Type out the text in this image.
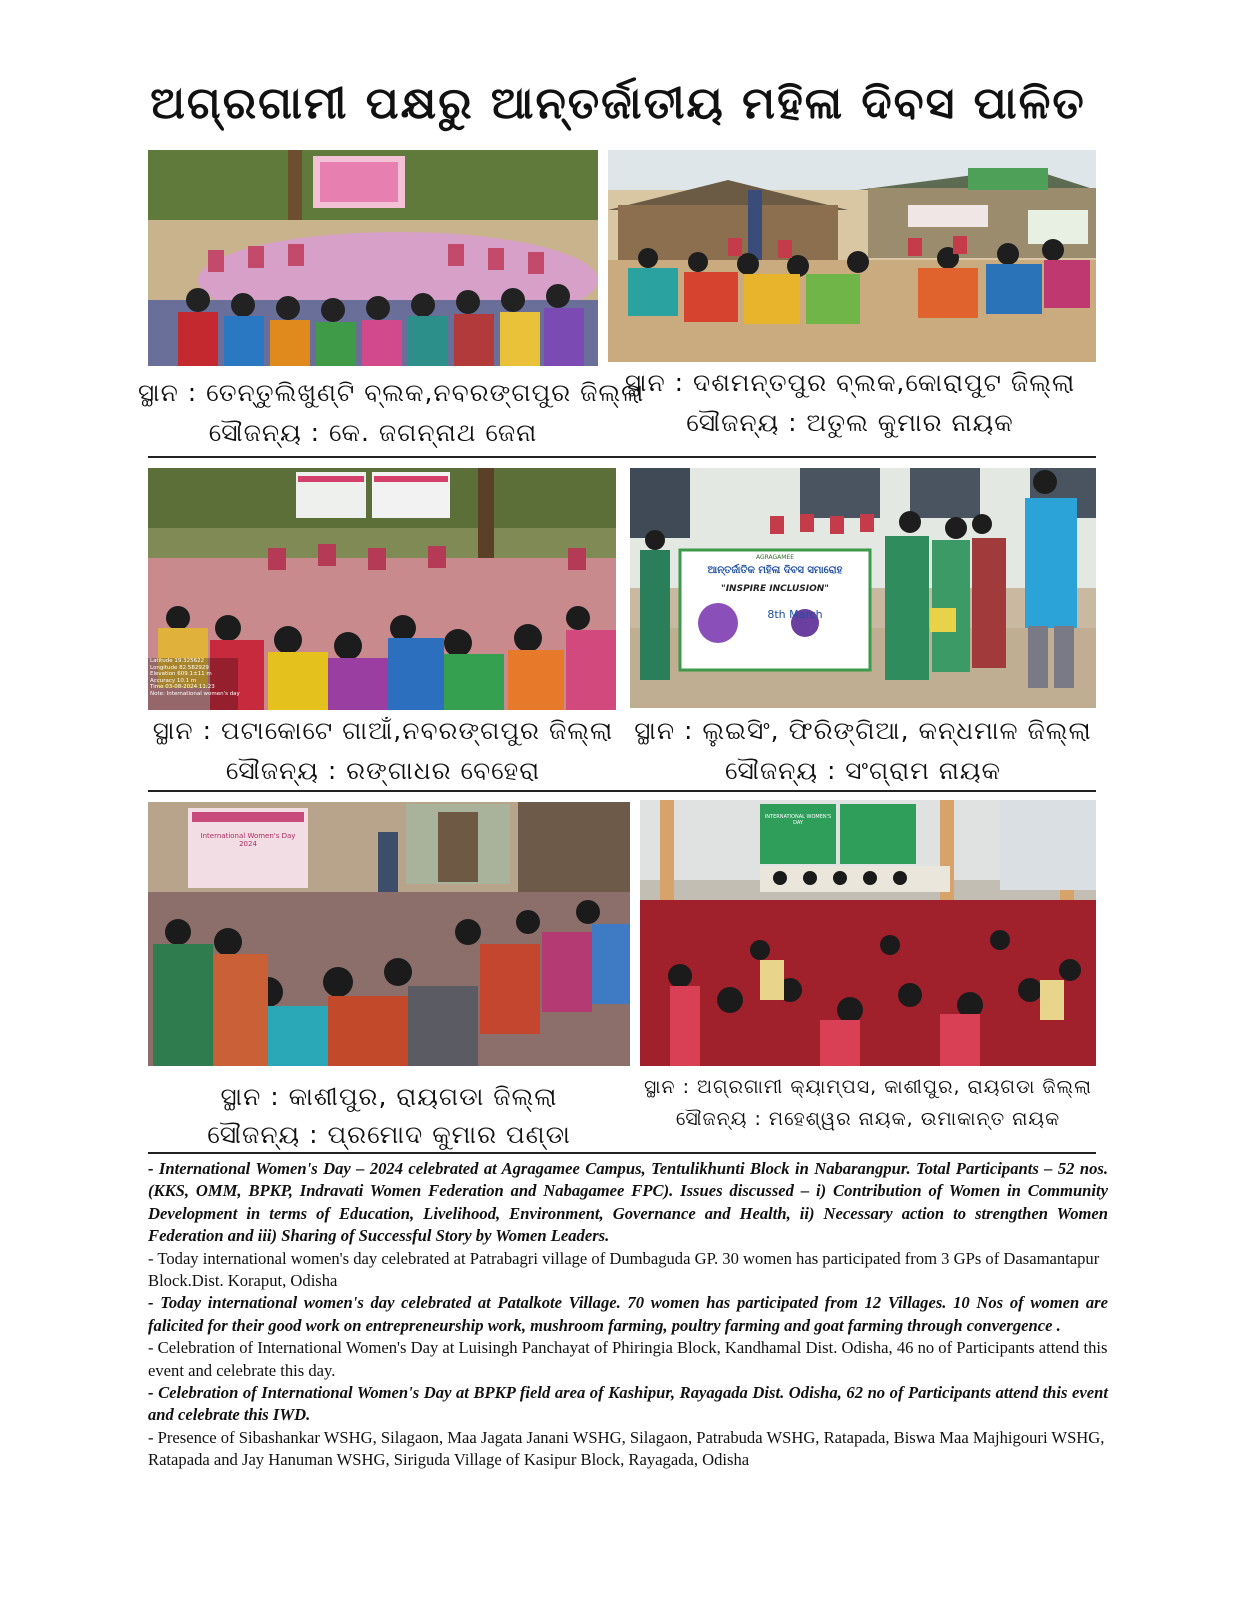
ଅଗ୍ରଗାମୀ ପକ୍ଷରୁ ଆନ୍ତର୍ଜାତୀୟ ମହିଳା ଦିବସ ପାଳିତ
ସ୍ଥାନ : ତେନ୍ତୁଲିଖୁଣ୍ଟି ବ୍ଲକ,ନବରଙ୍ଗପୁର ଜିଲ୍ଲା
ସୌଜନ୍ୟ : କେ. ଜଗନ୍ନାଥ ଜେନା
ସ୍ଥାନ : ଦଶମନ୍ତପୁର ବ୍ଲକ,କୋରାପୁଟ ଜିଲ୍ଲା
ସୌଜନ୍ୟ : ଅତୁଲ କୁମାର ନାୟକ
Latitude 19.325622
Longitude 82.582929
Elevation 609.1±11 m
Accuracy 10.1 m
Time 03-08-2024 11:23
Note: International women's day
ସ୍ଥାନ : ପଟାକୋଟେ ଗାଆଁ,ନବରଙ୍ଗପୁର ଜିଲ୍ଲା
ସୌଜନ୍ୟ : ରଙ୍ଗାଧର ବେହେରା
AGRAGAMEE
ଆନ୍ତର୍ଜାତିକ ମହିଳା ଦିବସ ସମାରୋହ
"INSPIRE INCLUSION"
8th March
ସ୍ଥାନ : ଲୁଇସିଂ, ଫିରିଙ୍ଗିଆ, କନ୍ଧମାଳ ଜିଲ୍ଲା
ସୌଜନ୍ୟ : ସଂଗ୍ରାମ ନାୟକ
International Women's Day 2024
ସ୍ଥାନ : କାଶୀପୁର, ରାୟଗଡା ଜିଲ୍ଲା
ସୌଜନ୍ୟ : ପ୍ରମୋଦ କୁମାର ପଣ୍ଡା
INTERNATIONAL WOMEN'S DAY
ସ୍ଥାନ : ଅଗ୍ରଗାମୀ କ୍ୟାମ୍ପସ, କାଶୀପୁର, ରାୟଗଡା ଜିଲ୍ଲା
ସୌଜନ୍ୟ : ମହେଶ୍ୱର ନାୟକ, ଉମାକାନ୍ତ ନାୟକ

- International Women's Day – 2024 celebrated at Agragamee Campus, Tentulikhunti Block in Nabarangpur. Total Participants – 52 nos. (KKS, OMM, BPKP, Indravati Women Federation and Nabagamee FPC). Issues discussed – i) Contribution of Women in Community Development in terms of Education, Livelihood, Environment, Governance and Health, ii) Necessary action to strengthen Women Federation and iii) Sharing of Successful Story by Women Leaders.

- Today international women's day celebrated at Patrabagri village of Dumbaguda GP. 30 women has participated from 3 GPs of Dasamantapur Block.Dist. Koraput, Odisha

- Today international women's day celebrated at Patalkote Village. 70 women has participated from 12 Villages. 10 Nos of women are falicited for their good work on entrepreneurship work, mushroom farming, poultry farming and goat farming through convergence .

- Celebration of International Women's Day at Luisingh Panchayat of Phiringia Block, Kandhamal Dist. Odisha, 46 no of Participants attend this event and celebrate this day.

- Celebration of International Women's Day at BPKP field area of Kashipur, Rayagada Dist. Odisha, 62 no of Participants attend this event and celebrate this IWD.

- Presence of Sibashankar WSHG, Silagaon, Maa Jagata Janani WSHG, Silagaon, Patrabuda WSHG, Ratapada, Biswa Maa Majhigouri WSHG, Ratapada and Jay Hanuman WSHG, Siriguda Village of Kasipur Block, Rayagada, Odisha
